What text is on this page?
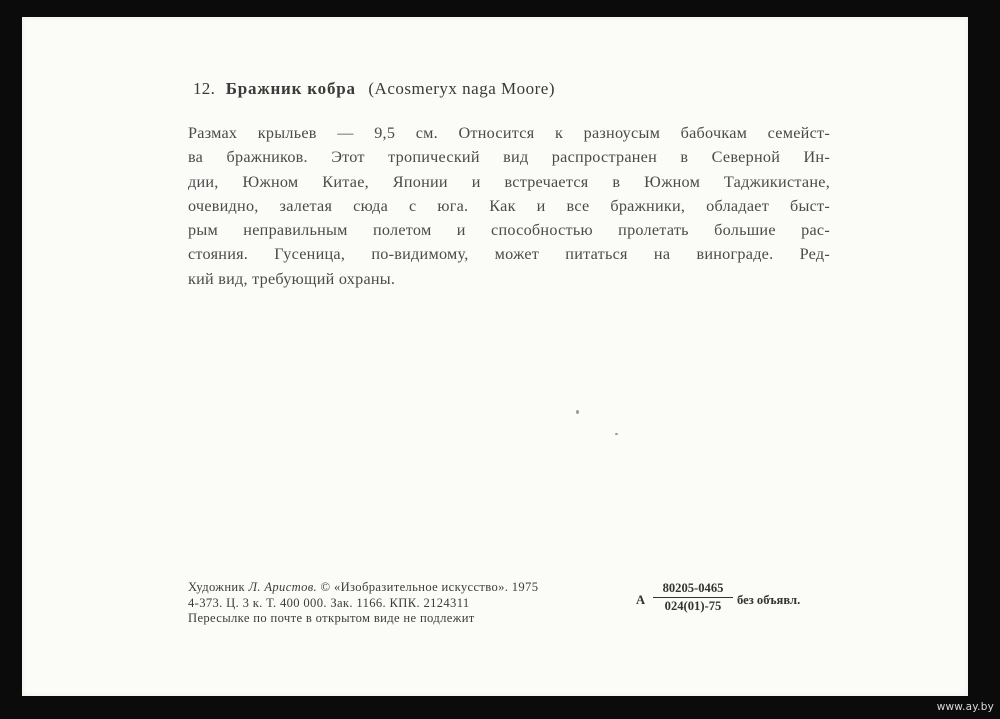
12. Бражник кобра (Acosmeryx naga Moore)
Размах крыльев — 9,5 см. Относится к разноусым бабочкам семейст-
ва бражников. Этот тропический вид распространен в Северной Ин-
дии, Южном Китае, Японии и встречается в Южном Таджикистане,
очевидно, залетая сюда с юга. Как и все бражники, обладает быст-
рым неправильным полетом и способностью пролетать большие рас-
стояния. Гусеница, по-видимому, может питаться на винограде. Ред-
кий вид, требующий охраны.
Художник Л. Аристов. © «Изобразительное искусство». 1975
4-373. Ц. 3 к. Т. 400 000. Зак. 1166. КПК. 2124311
Пересылке по почте в открытом виде не подлежит
А
80205-0465
024(01)-75	без объявл.
www.ay.by
